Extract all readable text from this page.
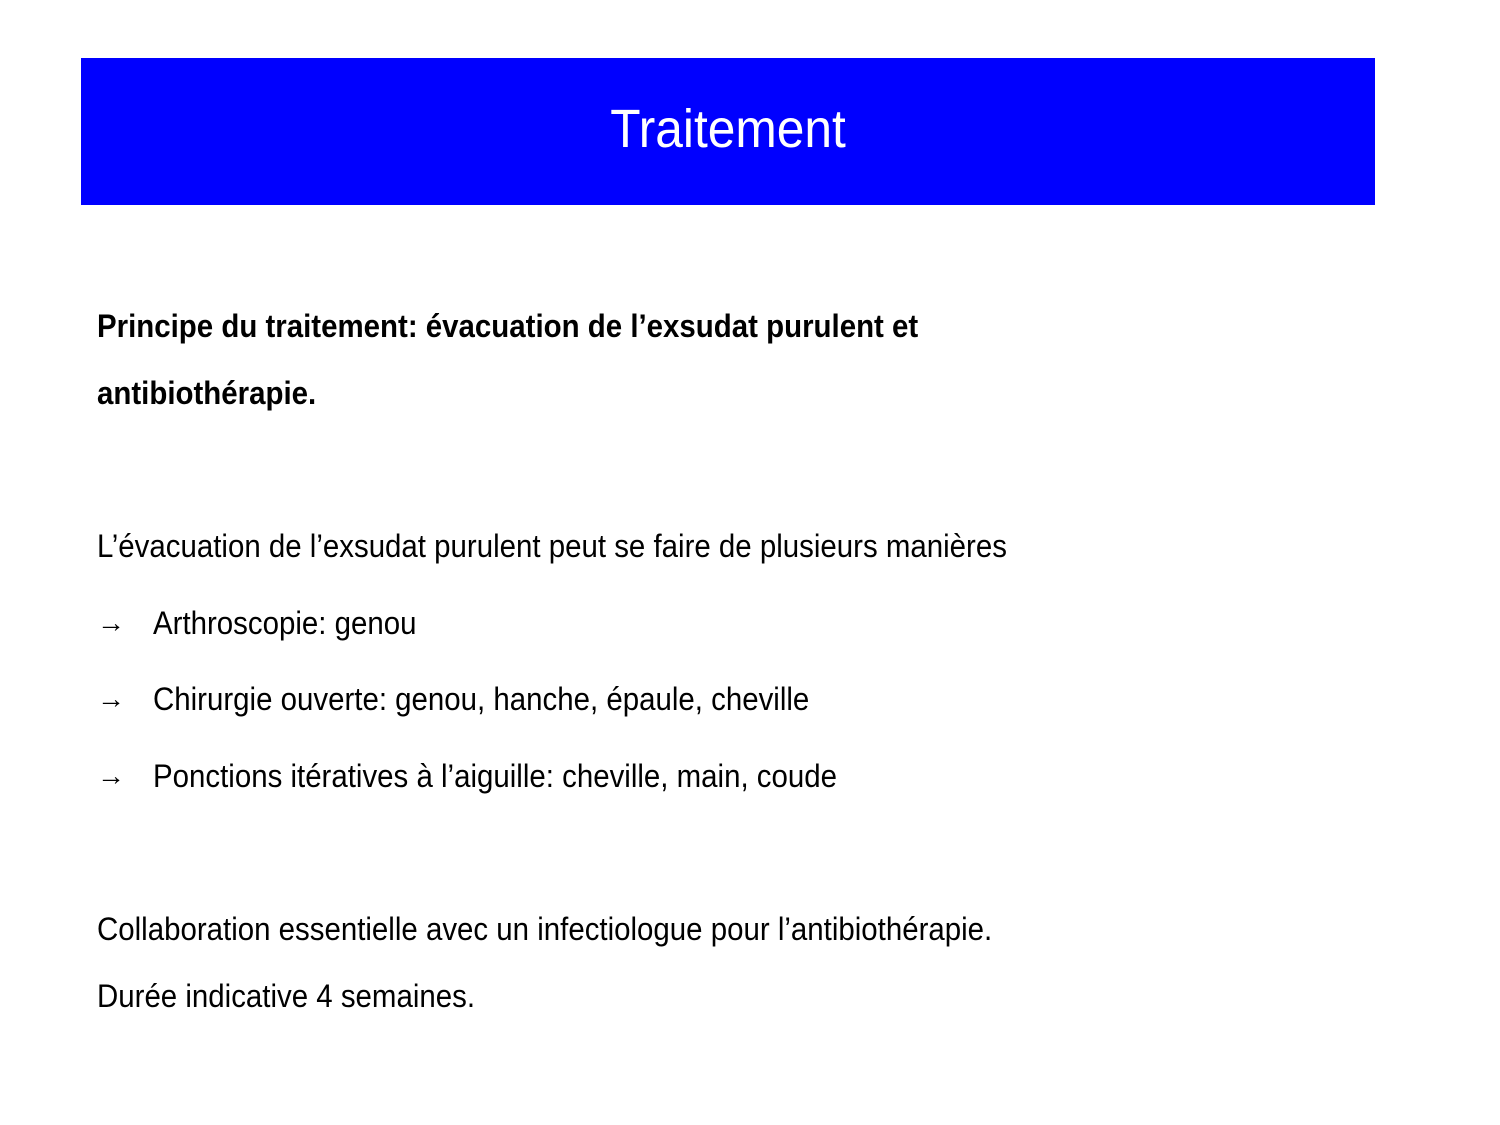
Traitement
Principe du traitement: évacuation de l’exsudat purulent et
antibiothérapie.
L’évacuation de l’exsudat purulent peut se faire de plusieurs manières
→ Arthroscopie: genou
→ Chirurgie ouverte: genou, hanche, épaule, cheville
→ Ponctions itératives à l’aiguille: cheville, main, coude
Collaboration essentielle avec un infectiologue pour l’antibiothérapie.
Durée indicative 4 semaines.
